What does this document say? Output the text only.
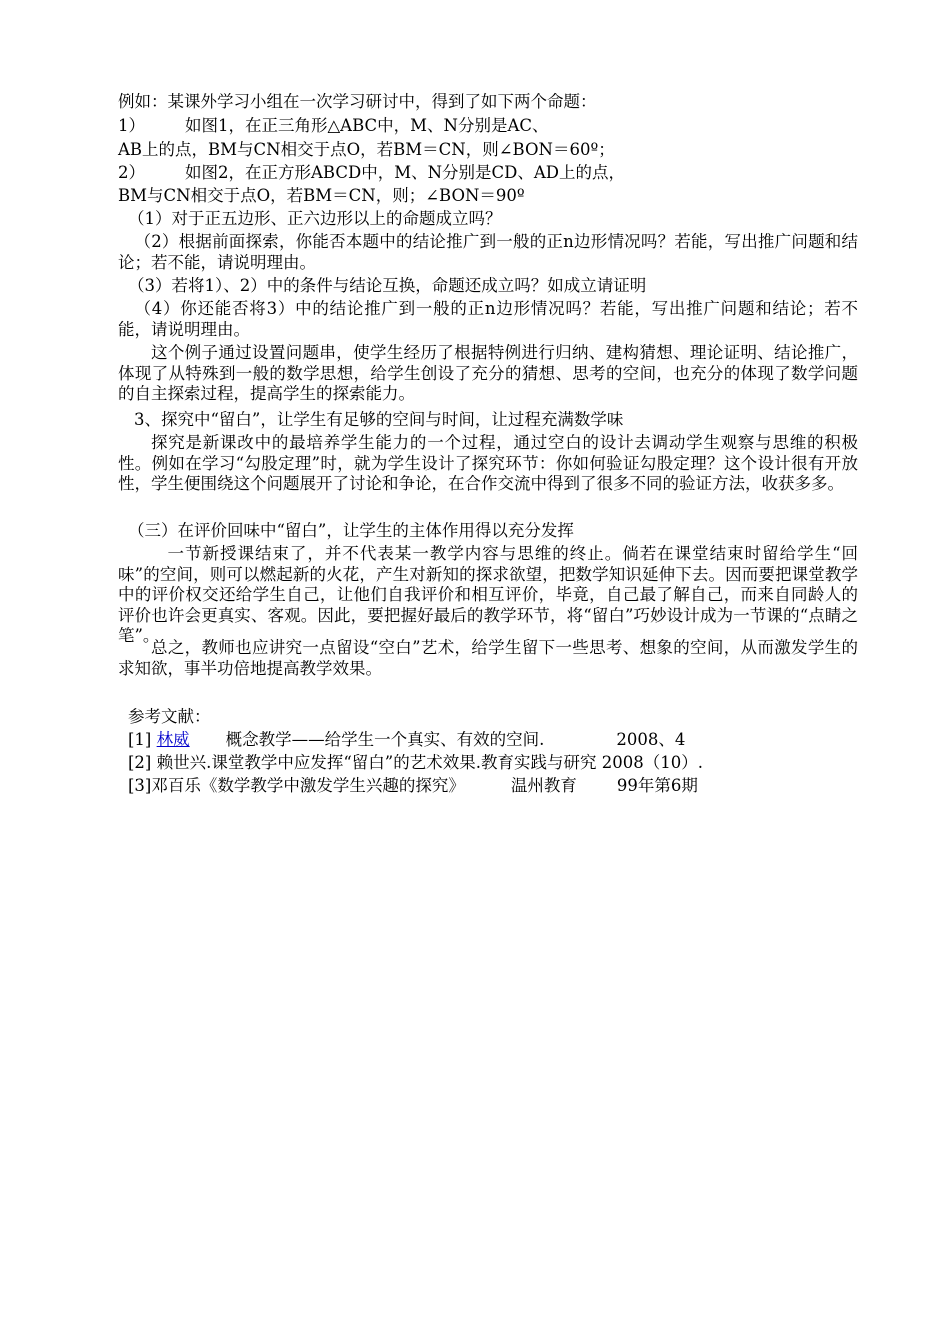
例如：某课外学习小组在一次学习研讨中，得到了如下两个命题：
1） 如图1，在正三角形△ABC中，M、N分别是AC、
AB上的点，BM与CN相交于点O，若BM＝CN，则∠BON＝60º；
2） 如图2，在正方形ABCD中，M、N分别是CD、AD上的点，
BM与CN相交于点O，若BM＝CN，则；∠BON＝90º
（1）对于正五边形、正六边形以上的命题成立吗？
（2）根据前面探索，你能否本题中的结论推广到一般的正n边形情况吗？若能，写出推广问题和结论；若不能，请说明理由。
（3）若将1）、2）中的条件与结论互换，命题还成立吗？如成立请证明
（4）你还能否将3）中的结论推广到一般的正n边形情况吗？若能，写出推广问题和结论；若不能，请说明理由。
这个例子通过设置问题串，使学生经历了根据特例进行归纳、建构猜想、理论证明、结论推广，体现了从特殊到一般的数学思想，给学生创设了充分的猜想、思考的空间，也充分的体现了数学问题的自主探索过程，提高学生的探索能力。
3、探究中“留白”，让学生有足够的空间与时间，让过程充满数学味
探究是新课改中的最培养学生能力的一个过程，通过空白的设计去调动学生观察与思维的积极性。例如在学习“勾股定理”时，就为学生设计了探究环节：你如何验证勾股定理？这个设计很有开放性，学生便围绕这个问题展开了讨论和争论，在合作交流中得到了很多不同的验证方法，收获多多。
（三）在评价回味中“留白”，让学生的主体作用得以充分发挥
一节新授课结束了，并不代表某一教学内容与思维的终止。倘若在课堂结束时留给学生“回味”的空间，则可以燃起新的火花，产生对新知的探求欲望，把数学知识延伸下去。因而要把课堂教学中的评价权交还给学生自己，让他们自我评价和相互评价，毕竟，自己最了解自己，而来自同龄人的评价也许会更真实、客观。因此，要把握好最后的教学环节，将“留白”巧妙设计成为一节课的“点睛之笔”。
总之，教师也应讲究一点留设“空白”艺术，给学生留下一些思考、想象的空间，从而激发学生的求知欲，事半功倍地提高教学效果。
参考文献：
[1] 林威 概念教学——给学生一个真实、有效的空间.	2008、4
[2] 赖世兴.课堂教学中应发挥“留白”的艺术效果.教育实践与研究 2008（10）.
[3]邓百乐《数学教学中激发学生兴趣的探究》	温州教育 99年第6期
